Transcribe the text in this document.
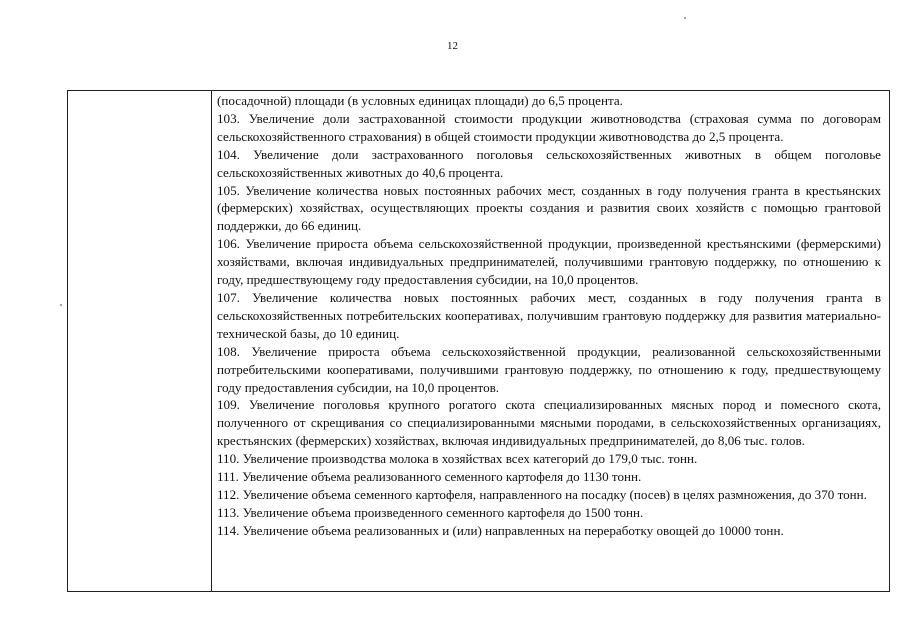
12

(посадочной) площади (в условных единицах площади) до 6,5 процента.

103. Увеличение доли застрахованной стоимости продукции животноводства (страховая сумма по договорам сельскохозяйственного страхования) в общей стоимости продукции животноводства до 2,5 процента.

104. Увеличение доли застрахованного поголовья сельскохозяйственных животных в общем поголовье сельскохозяйственных животных до 40,6 процента.

105. Увеличение количества новых постоянных рабочих мест, созданных в году получения гранта в крестьянских (фермерских) хозяйствах, осуществляющих проекты создания и развития своих хозяйств с помощью грантовой поддержки, до 66 единиц.

106. Увеличение прироста объема сельскохозяйственной продукции, произведенной крестьянскими (фермерскими) хозяйствами, включая индивидуальных предпринимателей, получившими грантовую поддержку, по отношению к году, предшествующему году предоставления субсидии, на 10,0 процентов.

107. Увеличение количества новых постоянных рабочих мест, созданных в году получения гранта в сельскохозяйственных потребительских кооперативах, получившим грантовую поддержку для развития материально-технической базы, до 10 единиц.

108. Увеличение прироста объема сельскохозяйственной продукции, реализованной сельскохозяйственными потребительскими кооперативами, получившими грантовую поддержку, по отношению к году, предшествующему году предоставления субсидии, на 10,0 процентов.

109. Увеличение поголовья крупного рогатого скота специализированных мясных пород и помесного скота, полученного от скрещивания со специализированными мясными породами, в сельскохозяйственных организациях, крестьянских (фермерских) хозяйствах, включая индивидуальных предпринимателей, до 8,06 тыс. голов.

110. Увеличение производства молока в хозяйствах всех категорий до 179,0 тыс. тонн.

111. Увеличение объема реализованного семенного картофеля до 1130 тонн.

112. Увеличение объема семенного картофеля, направленного на посадку (посев) в целях размножения, до 370 тонн.

113. Увеличение объема произведенного семенного картофеля до 1500 тонн.

114. Увеличение объема реализованных и (или) направленных на переработку овощей до 10000 тонн.
